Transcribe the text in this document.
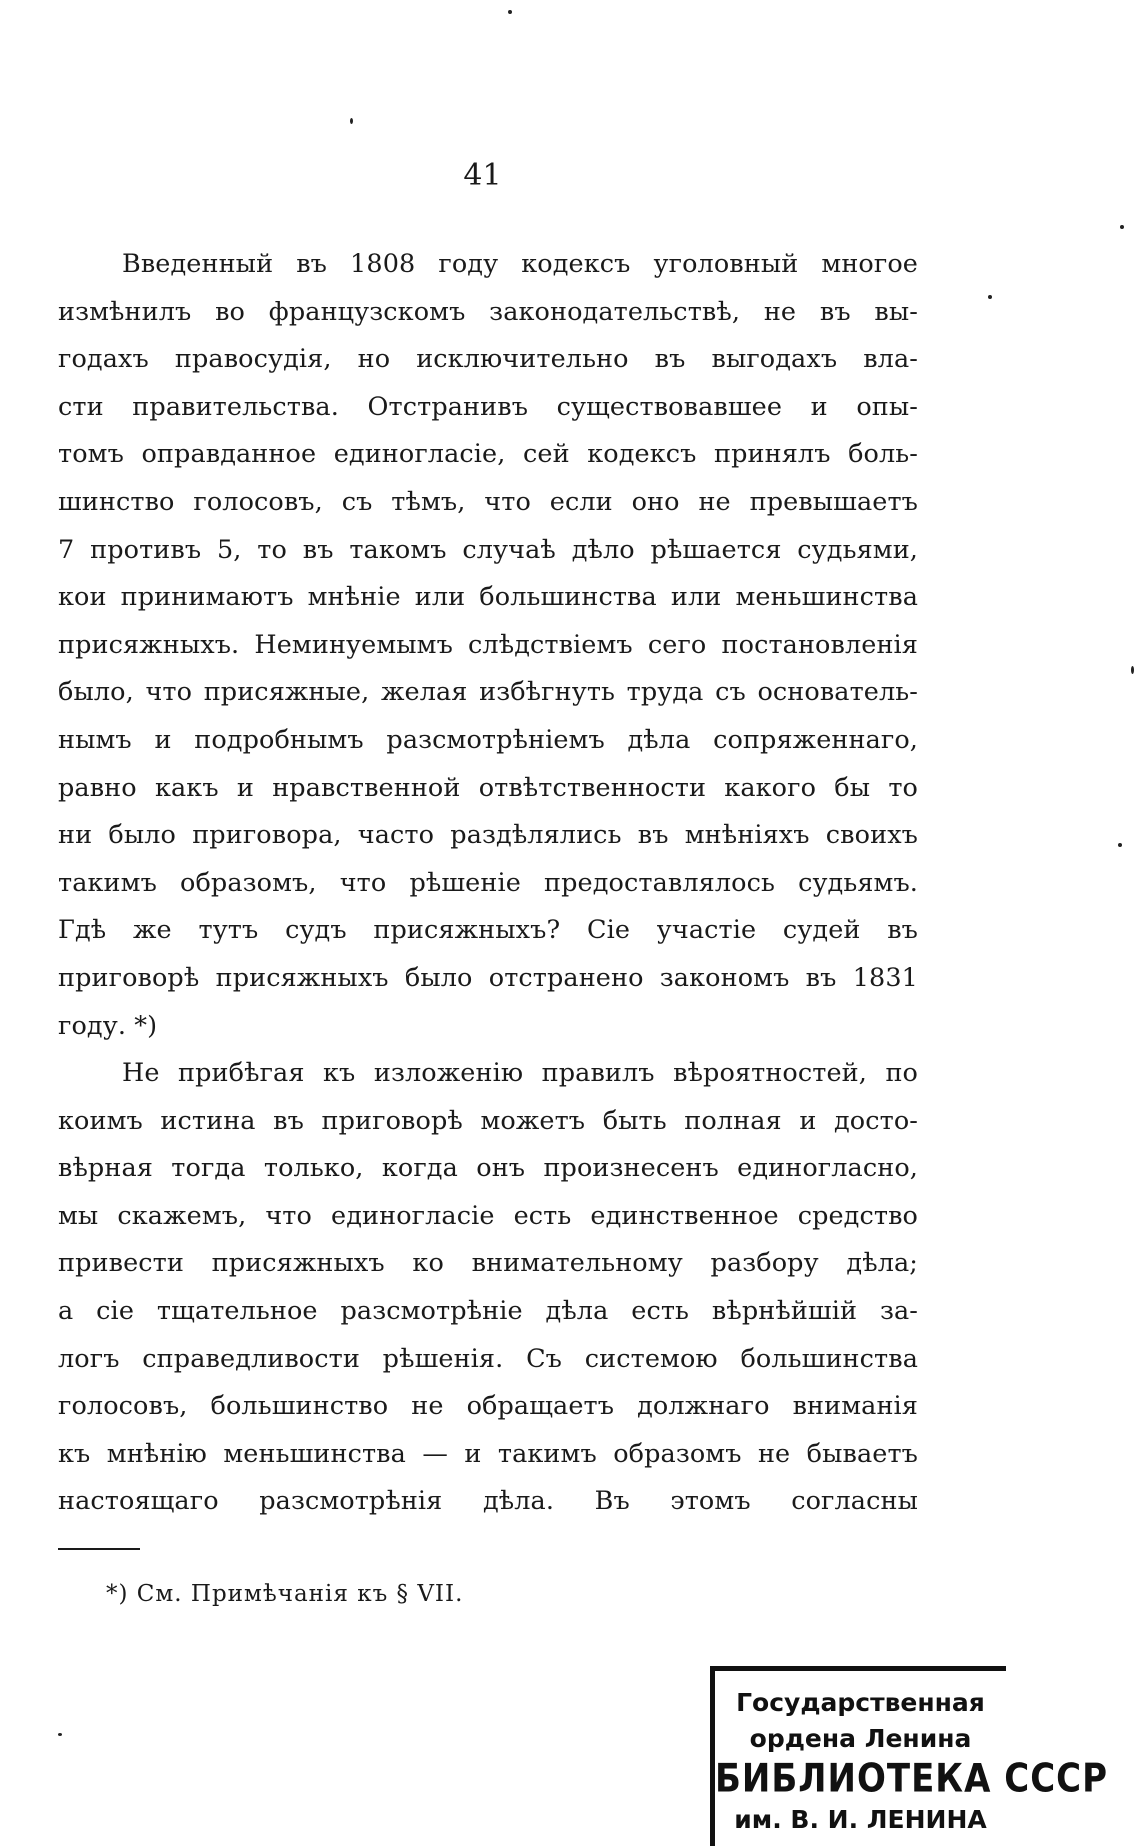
41
Введенный въ 1808 году кодексъ уголовный многое
измѣнилъ во французскомъ законодательствѣ, не въ вы-
годахъ правосудія, но исключительно въ выгодахъ вла-
сти правительства. Отстранивъ существовавшее и опы-
томъ оправданное единогласіе, сей кодексъ принялъ боль-
шинство голосовъ, съ тѣмъ, что если оно не превышаетъ
7 противъ 5, то въ такомъ случаѣ дѣло рѣшается судьями,
кои принимаютъ мнѣніе или большинства или меньшинства
присяжныхъ. Неминуемымъ слѣдствіемъ сего постановленія
было, что присяжные, желая избѣгнуть труда съ основатель-
нымъ и подробнымъ разсмотрѣніемъ дѣла сопряженнаго,
равно какъ и нравственной отвѣтственности какого бы то
ни было приговора, часто раздѣлялись въ мнѣніяхъ своихъ
такимъ образомъ, что рѣшеніе предоставлялось судьямъ.
Гдѣ же тутъ судъ присяжныхъ? Сіе участіе судей въ
приговорѣ присяжныхъ было отстранено закономъ въ 1831
году. *)
Не прибѣгая къ изложенію правилъ вѣроятностей, по
коимъ истина въ приговорѣ можетъ быть полная и досто-
вѣрная тогда только, когда онъ произнесенъ единогласно,
мы скажемъ, что единогласіе есть единственное средство
привести присяжныхъ ко внимательному разбору дѣла;
а сіе тщательное разсмотрѣніе дѣла есть вѣрнѣйшій за-
логъ справедливости рѣшенія. Съ системою большинства
голосовъ, большинство не обращаетъ должнаго вниманія
къ мнѣнію меньшинства — и такимъ образомъ не бываетъ
настоящаго разсмотрѣнія дѣла. Въ этомъ согласны
*) См. Примѣчанія къ § VII.
Государственная
ордена Ленина
БИБЛИОТЕКА СССР
им. В. И. ЛЕНИНА
